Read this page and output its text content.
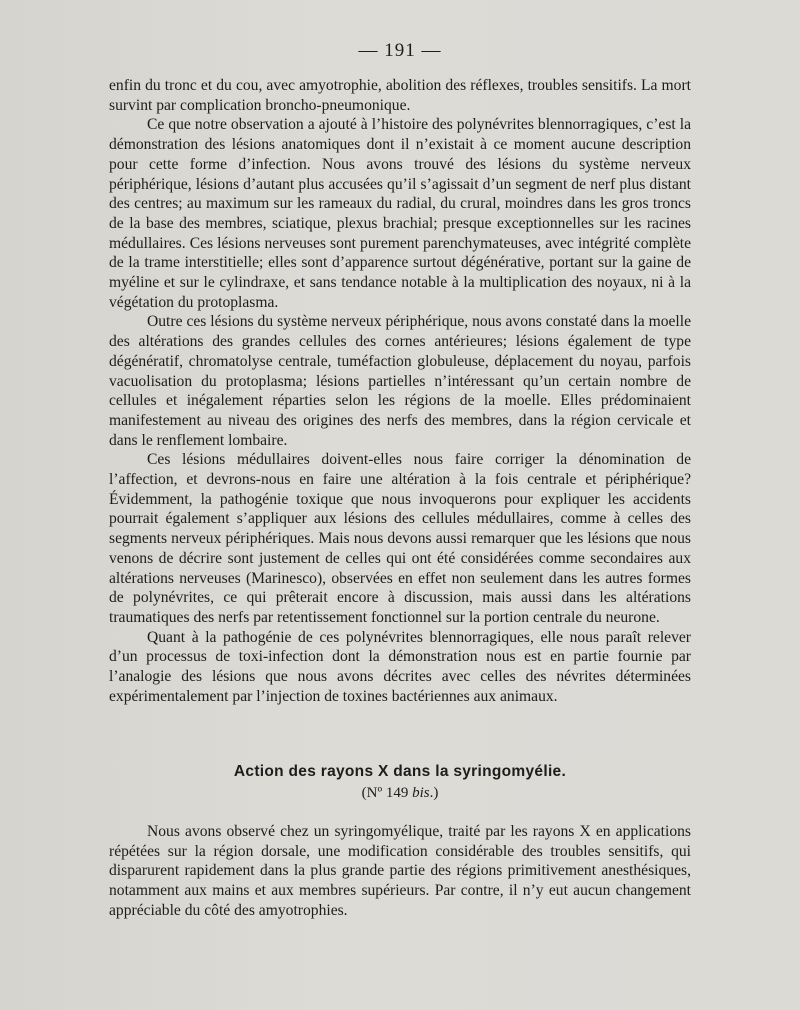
— 191 —

enfin du tronc et du cou, avec amyotrophie, abolition des réflexes, troubles sensitifs. La mort survint par complication broncho-pneumonique.

Ce que notre observation a ajouté à l’histoire des polynévrites blennorragiques, c’est la démonstration des lésions anatomiques dont il n’existait à ce moment aucune description pour cette forme d’infection. Nous avons trouvé des lésions du système nerveux périphérique, lésions d’autant plus accusées qu’il s’agissait d’un segment de nerf plus distant des centres; au maximum sur les rameaux du radial, du crural, moindres dans les gros troncs de la base des membres, sciatique, plexus brachial; presque exceptionnelles sur les racines médullaires. Ces lésions nerveuses sont purement parenchymateuses, avec intégrité complète de la trame interstitielle; elles sont d’apparence surtout dégénérative, portant sur la gaine de myéline et sur le cylindraxe, et sans tendance notable à la multiplication des noyaux, ni à la végétation du protoplasma.

Outre ces lésions du système nerveux périphérique, nous avons constaté dans la moelle des altérations des grandes cellules des cornes antérieures; lésions également de type dégénératif, chromatolyse centrale, tuméfaction globuleuse, déplacement du noyau, parfois vacuolisation du protoplasma; lésions partielles n’intéressant qu’un certain nombre de cellules et inégalement réparties selon les régions de la moelle. Elles prédominaient manifestement au niveau des origines des nerfs des membres, dans la région cervicale et dans le renflement lombaire.

Ces lésions médullaires doivent-elles nous faire corriger la dénomination de l’affection, et devrons-nous en faire une altération à la fois centrale et périphérique? Évidemment, la pathogénie toxique que nous invoquerons pour expliquer les accidents pourrait également s’appliquer aux lésions des cellules médullaires, comme à celles des segments nerveux périphériques. Mais nous devons aussi remarquer que les lésions que nous venons de décrire sont justement de celles qui ont été considérées comme secondaires aux altérations nerveuses (Marinesco), observées en effet non seulement dans les autres formes de polynévrites, ce qui prêterait encore à discussion, mais aussi dans les altérations traumatiques des nerfs par retentissement fonctionnel sur la portion centrale du neurone.

Quant à la pathogénie de ces polynévrites blennorragiques, elle nous paraît relever d’un processus de toxi-infection dont la démonstration nous est en partie fournie par l’analogie des lésions que nous avons décrites avec celles des névrites déterminées expérimentalement par l’injection de toxines bactériennes aux animaux.

Action des rayons X dans la syringomyélie.
(Nº 149 bis.)
Nous avons observé chez un syringomyélique, traité par les rayons X en applications répétées sur la région dorsale, une modification considérable des troubles sensitifs, qui disparurent rapidement dans la plus grande partie des régions primitivement anesthésiques, notamment aux mains et aux membres supérieurs. Par contre, il n’y eut aucun changement appréciable du côté des amyotrophies.
